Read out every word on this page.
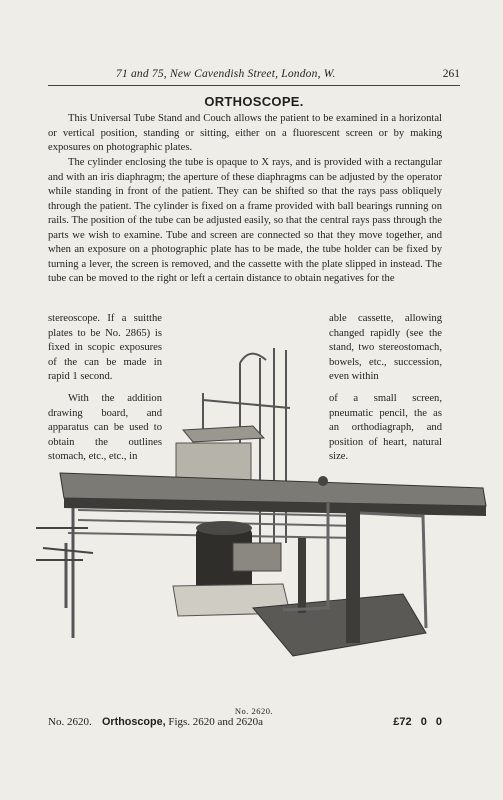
71 and 75, New Cavendish Street, London, W.	261
ORTHOSCOPE.

This Universal Tube Stand and Couch allows the patient to be examined in a horizontal or vertical position, standing or sitting, either on a fluorescent screen or by making exposures on photographic plates.

The cylinder enclosing the tube is opaque to X rays, and is provided with a rectangular and with an iris diaphragm; the aperture of these diaphragms can be adjusted by the operator while standing in front of the patient. They can be shifted so that the rays pass obliquely through the patient. The cylinder is fixed on a frame provided with ball bearings running on rails. The position of the tube can be adjusted easily, so that the central rays pass through the parts we wish to examine. Tube and screen are connected so that they move together, and when an exposure on a photographic plate has to be made, the tube holder can be fixed by turning a lever, the screen is removed, and the cassette with the plate slipped in instead. The tube can be moved to the right or left a certain distance to obtain negatives for the

stereoscope. If a suitthe plates to be No. 2865) is fixed in scopic exposures of the can be made in rapid 1 second.

able cassette, allowing changed rapidly (see the stand, two stereostomach, bowels, etc., succession, even within

With the addition drawing board, and apparatus can be used to obtain the outlines stomach, etc., etc., in

of a small screen, pneumatic pencil, the as an orthodiagraph, and position of heart, natural size.

No. 2620.
No. 2620. Orthoscope, Figs. 2620 and 2620a	£72 0 0
